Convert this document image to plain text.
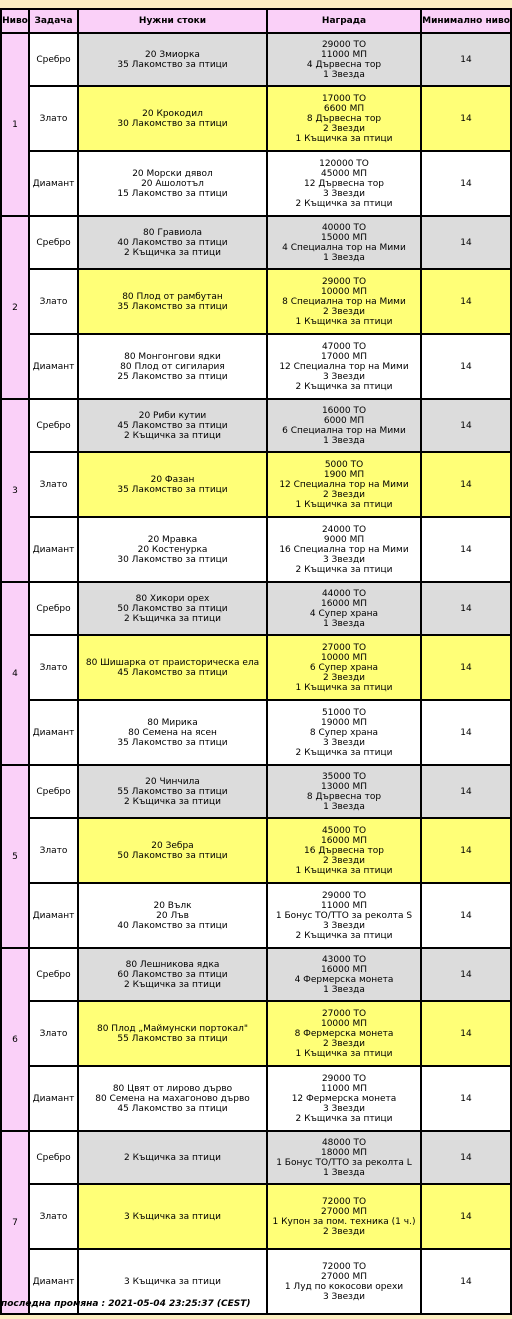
Ниво	Задача	Нужни стоки	Награда	Минимално ниво
1	Сребро	20 Змиорка
35 Лакомство за птици	29000 ТО
11000 МП
4 Дървесна тор
1 Звезда	14
	Злато	20 Крокодил
30 Лакомство за птици	17000 ТО
6600 МП
8 Дървесна тор
2 Звезди
1 Къщичка за птици	14
	Диамант	20 Морски дявол
20 Ашолотъл
15 Лакомство за птици	120000 ТО
45000 МП
12 Дървесна тор
3 Звезди
2 Къщичка за птици	14
2	Сребро	80 Гравиола
40 Лакомство за птици
2 Къщичка за птици	40000 ТО
15000 МП
4 Специална тор на Мими
1 Звезда	14
	Злато	80 Плод от рамбутан
35 Лакомство за птици	29000 ТО
10000 МП
8 Специална тор на Мими
2 Звезди
1 Къщичка за птици	14
	Диамант	80 Монгонгови ядки
80 Плод от сигилария
25 Лакомство за птици	47000 ТО
17000 МП
12 Специална тор на Мими
3 Звезди
2 Къщичка за птици	14
3	Сребро	20 Риби кутии
45 Лакомство за птици
2 Къщичка за птици	16000 ТО
6000 МП
6 Специална тор на Мими
1 Звезда	14
	Злато	20 Фазан
35 Лакомство за птици	5000 ТО
1900 МП
12 Специална тор на Мими
2 Звезди
1 Къщичка за птици	14
	Диамант	20 Мравка
20 Костенурка
30 Лакомство за птици	24000 ТО
9000 МП
16 Специална тор на Мими
3 Звезди
2 Къщичка за птици	14
4	Сребро	80 Хикори орех
50 Лакомство за птици
2 Къщичка за птици	44000 ТО
16000 МП
4 Супер храна
1 Звезда	14
	Злато	80 Шишарка от праисторическа ела
45 Лакомство за птици	27000 ТО
10000 МП
6 Супер храна
2 Звезди
1 Къщичка за птици	14
	Диамант	80 Мирика
80 Семена на ясен
35 Лакомство за птици	51000 ТО
19000 МП
8 Супер храна
3 Звезди
2 Къщичка за птици	14
5	Сребро	20 Чинчила
55 Лакомство за птици
2 Къщичка за птици	35000 ТО
13000 МП
8 Дървесна тор
1 Звезда	14
	Злато	20 Зебра
50 Лакомство за птици	45000 ТО
16000 МП
16 Дървесна тор
2 Звезди
1 Къщичка за птици	14
	Диамант	20 Вълк
20 Лъв
40 Лакомство за птици	29000 ТО
11000 МП
1 Бонус ТО/ТТО за реколта S
3 Звезди
2 Къщичка за птици	14
6	Сребро	80 Лешникова ядка
60 Лакомство за птици
2 Къщичка за птици	43000 ТО
16000 МП
4 Фермерска монета
1 Звезда	14
	Злато	80 Плод „Маймунски портокал"
55 Лакомство за птици	27000 ТО
10000 МП
8 Фермерска монета
2 Звезди
1 Къщичка за птици	14
	Диамант	80 Цвят от лирово дърво
80 Семена на махагоново дърво
45 Лакомство за птици	29000 ТО
11000 МП
12 Фермерска монета
3 Звезди
2 Къщичка за птици	14
7	Сребро	2 Къщичка за птици	48000 ТО
18000 МП
1 Бонус ТО/ТТО за реколта L
1 Звезда	14
	Злато	3 Къщичка за птици	72000 ТО
27000 МП
1 Купон за пом. техника (1 ч.)
2 Звезди	14
	Диамант	3 Къщичка за птици	72000 ТО
27000 МП
1 Луд по кокосови орехи
3 Звезди	14
последна промяна : 2021-05-04 23:25:37 (CEST)
